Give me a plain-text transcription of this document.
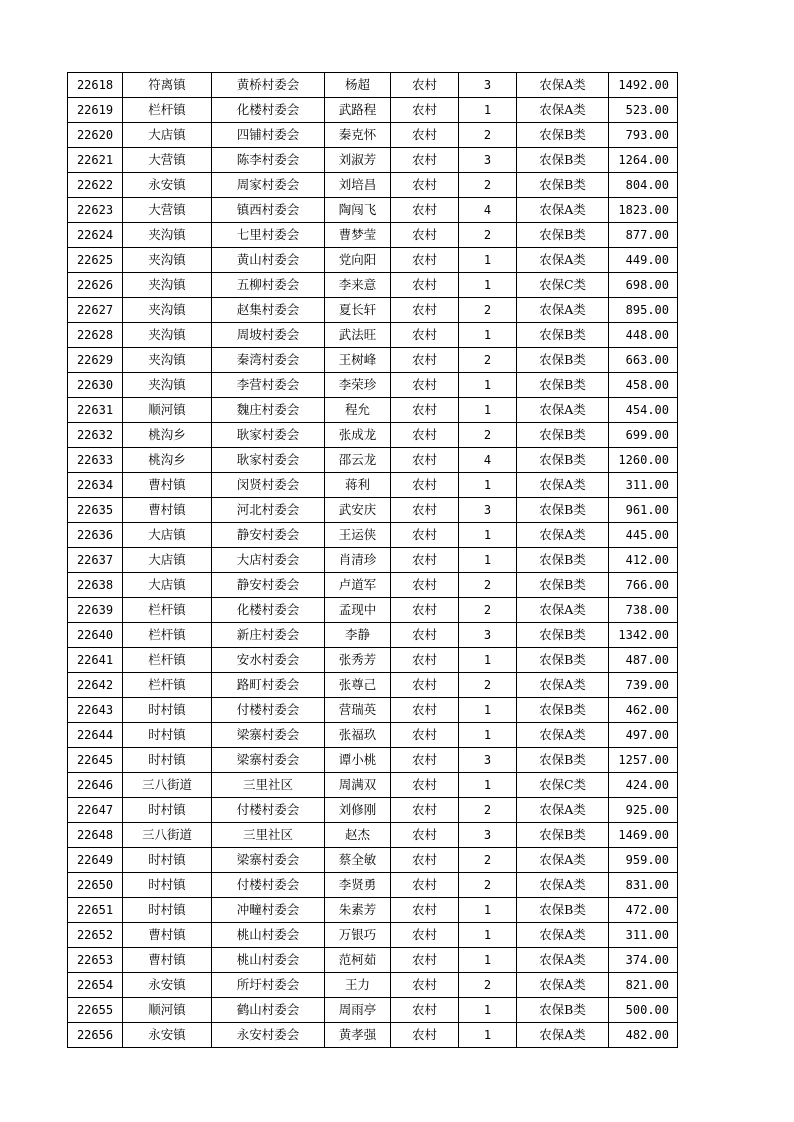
22618	符离镇	黄桥村委会	杨超	农村	3	农保A类	1492.00
22619	栏杆镇	化楼村委会	武路程	农村	1	农保A类	523.00
22620	大店镇	四铺村委会	秦克怀	农村	2	农保B类	793.00
22621	大营镇	陈李村委会	刘淑芳	农村	3	农保B类	1264.00
22622	永安镇	周家村委会	刘培昌	农村	2	农保B类	804.00
22623	大营镇	镇西村委会	陶闯飞	农村	4	农保A类	1823.00
22624	夹沟镇	七里村委会	曹梦莹	农村	2	农保B类	877.00
22625	夹沟镇	黄山村委会	党向阳	农村	1	农保A类	449.00
22626	夹沟镇	五柳村委会	李来意	农村	1	农保C类	698.00
22627	夹沟镇	赵集村委会	夏长轩	农村	2	农保A类	895.00
22628	夹沟镇	周坡村委会	武法旺	农村	1	农保B类	448.00
22629	夹沟镇	秦湾村委会	王树峰	农村	2	农保B类	663.00
22630	夹沟镇	李营村委会	李荣珍	农村	1	农保B类	458.00
22631	顺河镇	魏庄村委会	程允	农村	1	农保A类	454.00
22632	桃沟乡	耿家村委会	张成龙	农村	2	农保B类	699.00
22633	桃沟乡	耿家村委会	邵云龙	农村	4	农保B类	1260.00
22634	曹村镇	闵贤村委会	蒋利	农村	1	农保A类	311.00
22635	曹村镇	河北村委会	武安庆	农村	3	农保B类	961.00
22636	大店镇	静安村委会	王运侠	农村	1	农保A类	445.00
22637	大店镇	大店村委会	肖清珍	农村	1	农保B类	412.00
22638	大店镇	静安村委会	卢道军	农村	2	农保B类	766.00
22639	栏杆镇	化楼村委会	孟现中	农村	2	农保A类	738.00
22640	栏杆镇	新庄村委会	李静	农村	3	农保B类	1342.00
22641	栏杆镇	安水村委会	张秀芳	农村	1	农保B类	487.00
22642	栏杆镇	路町村委会	张尊己	农村	2	农保A类	739.00
22643	时村镇	付楼村委会	营瑞英	农村	1	农保B类	462.00
22644	时村镇	梁寨村委会	张福玖	农村	1	农保A类	497.00
22645	时村镇	梁寨村委会	谭小桃	农村	3	农保B类	1257.00
22646	三八街道	三里社区	周满双	农村	1	农保C类	424.00
22647	时村镇	付楼村委会	刘修刚	农村	2	农保A类	925.00
22648	三八街道	三里社区	赵杰	农村	3	农保B类	1469.00
22649	时村镇	梁寨村委会	蔡全敏	农村	2	农保A类	959.00
22650	时村镇	付楼村委会	李贤勇	农村	2	农保A类	831.00
22651	时村镇	冲疃村委会	朱素芳	农村	1	农保B类	472.00
22652	曹村镇	桃山村委会	万银巧	农村	1	农保A类	311.00
22653	曹村镇	桃山村委会	范柯茹	农村	1	农保A类	374.00
22654	永安镇	所圩村委会	王力	农村	2	农保A类	821.00
22655	顺河镇	鹤山村委会	周雨亭	农村	1	农保B类	500.00
22656	永安镇	永安村委会	黄孝强	农村	1	农保A类	482.00
